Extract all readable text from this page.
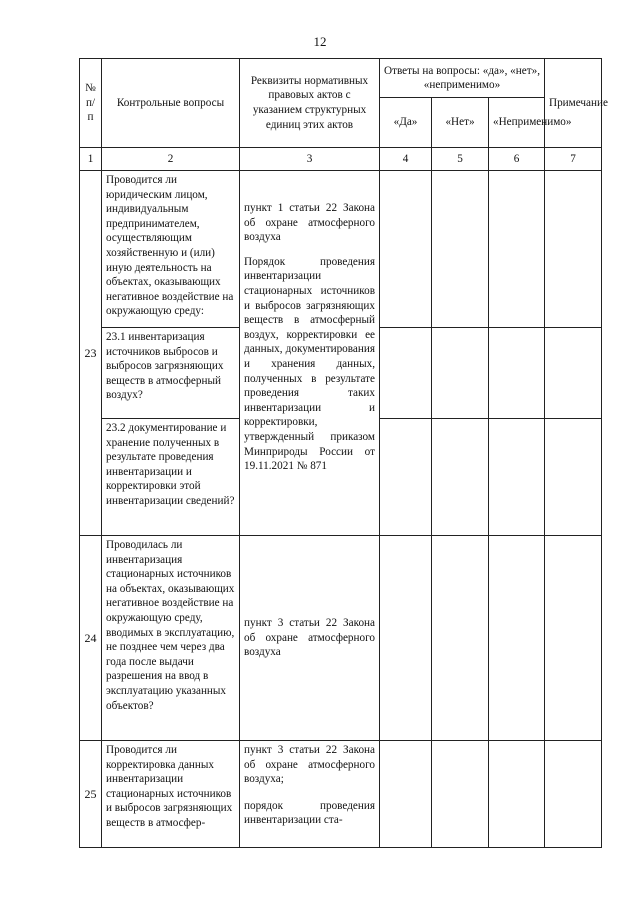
12
№ п/п	Контрольные вопросы	Реквизиты нормативных правовых актов с указанием структурных единиц этих актов	Ответы на вопросы: «да», «нет», «неприменимо»			Примечание
			«Да»	«Нет»	«Неприменимо»	
1	2	3	4	5	6	7
23	Проводится ли юридическим лицом, индивидуальным предпринимателем, осуществляющим хозяйственную и (или) иную деятельность на объектах, оказывающих негативное воздействие на окружающую среду:	пункт 1 статьи 22 Закона об охране атмосферного воздуха

Порядок проведения инвентаризации стационарных источников и выбросов загрязняющих веществ в атмосферный воздух, корректировки ее данных, документирования и хранения данных, полученных в результате проведения таких инвентаризации и корректировки, утвержденный приказом Минприроды России от 19.11.2021 № 871				

	23.1 инвентаризация источников выбросов и выбросов загрязняющих веществ в атмосферный воздух?					
	23.2 документирование и хранение полученных в результате проведения инвентаризации и корректировки этой инвентаризации сведений?					
24	Проводилась ли инвентаризация стационарных источников на объектах, оказывающих негативное воздействие на окружающую среду, вводимых в эксплуатацию, не позднее чем через два года после выдачи разрешения на ввод в эксплуатацию указанных объектов?	пункт 3 статьи 22 Закона об охране атмосферного воздуха				
25	Проводится ли корректировка данных инвентаризации стационарных источников и выбросов загрязняющих веществ в атмосфер-	пункт 3 статьи 22 Закона об охране атмосферного воздуха;

порядок проведения инвентаризации ста-				
